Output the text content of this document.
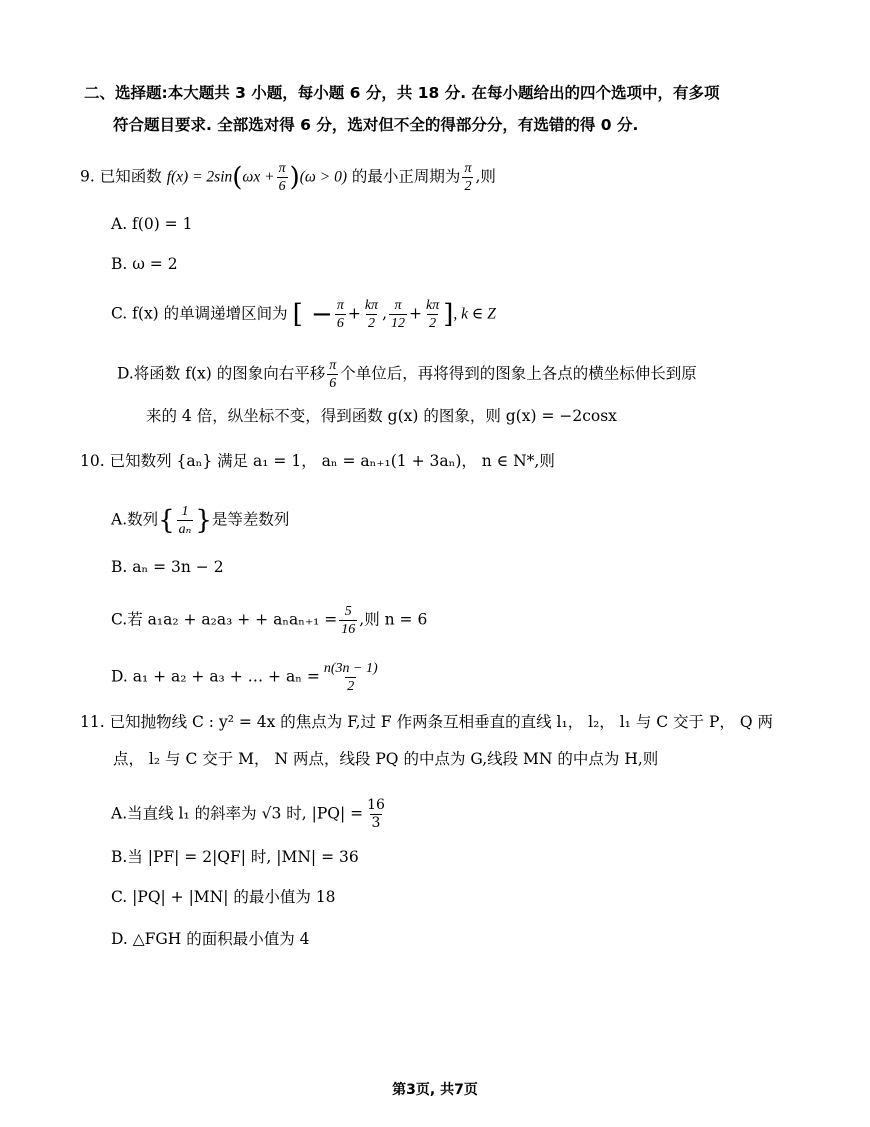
二、选择题:本大题共 3 小题，每小题 6 分，共 18 分. 在每小题给出的四个选项中，有多项
符合题目要求. 全部选对得 6 分，选对但不全的得部分分，有选错的得 0 分.
9. 已知函数 $f(x) = 2\sin(\omega x + \frac{\pi}{6} )(\omega > 0)$ 的最小正周期为 $\frac{\pi}{2}$ ,则
A. f(0) = 1
B. ω = 2
C. f(x) 的单调递增区间为 [ − $\frac{\pi}{6} + \frac{k\pi}{2}$ , $\frac{\pi}{12} + \frac{k\pi}{2}$ ], k ∈ Z
D.将函数 f(x) 的图象向右平移 $\frac{\pi}{6}$ 个单位后，再将得到的图象上各点的横坐标伸长到原
来的 4 倍，纵坐标不变，得到函数 g(x) 的图象，则 g(x) = −2cosx
10. 已知数列 {aₙ} 满足 a₁ = 1， aₙ = aₙ₊₁(1 + 3aₙ)， n ∈ N*,则
A.数列{ $\frac{1}{\text{aₙ}}$ }是等差数列
B. aₙ = 3n − 2
C.若 a₁a₂ + a₂a₃ + + $a_na_{n+1} = \frac{5}{16}$ ,则 n = 6
D. a₁ + a₂ + a₃ + … + $a_n = \frac{n(3n - 1)}{2}$
11. 已知抛物线 C : y² = 4x 的焦点为 F,过 F 作两条互相垂直的直线 l₁， l₂， l₁ 与 C 交于 P， Q 两
点， l₂ 与 C 交于 M， N 两点，线段 PQ 的中点为 G,线段 MN 的中点为 H,则
A.当直线 l₁ 的斜率为 √3 时, $|PQ| = \frac{16}{3}$
B.当 |PF| = 2|QF| 时, |MN| = 36
C. |PQ| + |MN| 的最小值为 18
D. △FGH 的面积最小值为 4
第3页, 共7页
